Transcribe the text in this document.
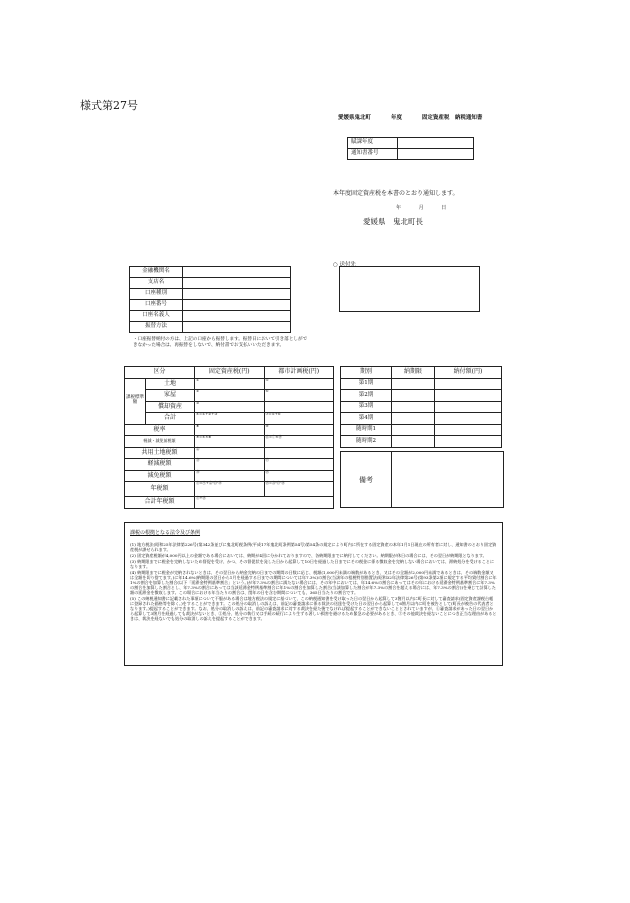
様式第27号
愛媛県鬼北町	年度	固定資産税　納税通知書
賦課年度	
通知書番号	
本年度固定資産税を本書のとおり通知します。
年	月	日
愛媛県　鬼北町長
○ 送付先
金融機関名	
支店名	
口座種別	
口座番号	
口座名義人	
振替方法	
・口座振替納付の方は、上記の口座から振替します。振替日において引き落としができなかった場合は、再振替をしないで、納付書でお支払いいただきます。
区分		固定資産税(円)	都市計画税(円)
課税標準額	土地	①	⑤
	家屋	②	⑥
	償却資産	③	
	合計	④=①+②+③	⑦=⑤+⑥
税率		⑧	⑩
軽減・減免前税額		⑨=④×⑧	⑪=⑦×⑩
共用土地税額		⑫	
軽減税額		⑬	⑮
減免税額		⑭	⑯
年税額		⑰=⑨+⑫-⑬-⑭	⑱=⑪-⑮-⑯
合計年税額		⑰+⑱	
期別	納期限	納付額(円)
第1期		
第2期		
第3期		
第4期		
随時期1		
随時期2		
備考
課税の根拠となる法令及び条例
(1) 地方税法(昭和25年法律第226号)第342条並びに鬼北町税条例(平成17年鬼北町条例第54号)第54条の規定により町内に所在する固定資産の本年1月1日現在の所有者に対し、通知書のとおり固定資産税が課せられます。
(2) 固定資産税額が4,000円以上の金額である場合においては、納期が4回に分かれておりますので、各納期限までに納付してください。納期限が休日の場合には、その翌日が納期限となります。
(3) 納期限までに税金を完納しないため督促を受け、かつ、その督促状を発した日から起算して10日を経過した日までにその税金に係る徴収金を完納しない場合においては、滞納処分を受けることになります。
(4) 納期限までに税金が完納されないときは、その翌日から納金完納の日までの期間の日数に応じ、税額(1,000円未満の端数があるとき、又はその全額が2,000円未満であるときは、その端数金額又は全額を切り捨てます。)に年14.6%(納期限の翌日から1月を経過する日までの期間については年7.3%)の割合(当該年の租税特別措置法(昭和32年法律第26号)第93条第2項に規定する平均貸付割合に年1%の割合を加算した割合(以下「延滞金特例基準割合」という。)が年7.3%の割合に満たない場合には、その年中においては、年14.6%の割合にあってはその年における延滞金特例基準割合に年7.3%の割合を加算した割合とし、年7.3%の割合にあっては当該延滞金特例基準割合に年1%の割合を加算した割合(当該加算した割合が年7.3%の割合を超える場合には、年7.3%の割合))を乗じて計算した額の延滞金を徴収します。この場合における年当たりの割合は、閏年の日を含む期間についても、365日当たりの割合です。
(5) この納税通知書に記載された事項について不服がある場合は地方税法の規定に基づいて、この納税通知書を受け取った日の翌日から起算して3箇月以内に町長に対して審査請求(固定資産課税台帳に登録された価格等を除く。)をすることができます。この処分の取消しの訴えは、前記の審査請求に係る裁決の送達を受けた日の翌日から起算して6箇月以内に町を被告として(町長が被告の代表者となります。)提起することができます。なお、処分の取消しの訴えは、前記の審査請求に対する裁決を経た後でなければ提起することができないこととされていますが、①審査請求があった日の翌日から起算して3箇月を経過しても裁決がないとき、②処分、処分の執行又は手続の続行により生ずる著しい損害を避けるため緊急の必要があるとき、③その他裁決を経ないことにつき正当な理由があるときは、裁決を経ないでも処分の取消しの訴えを提起することができます。
